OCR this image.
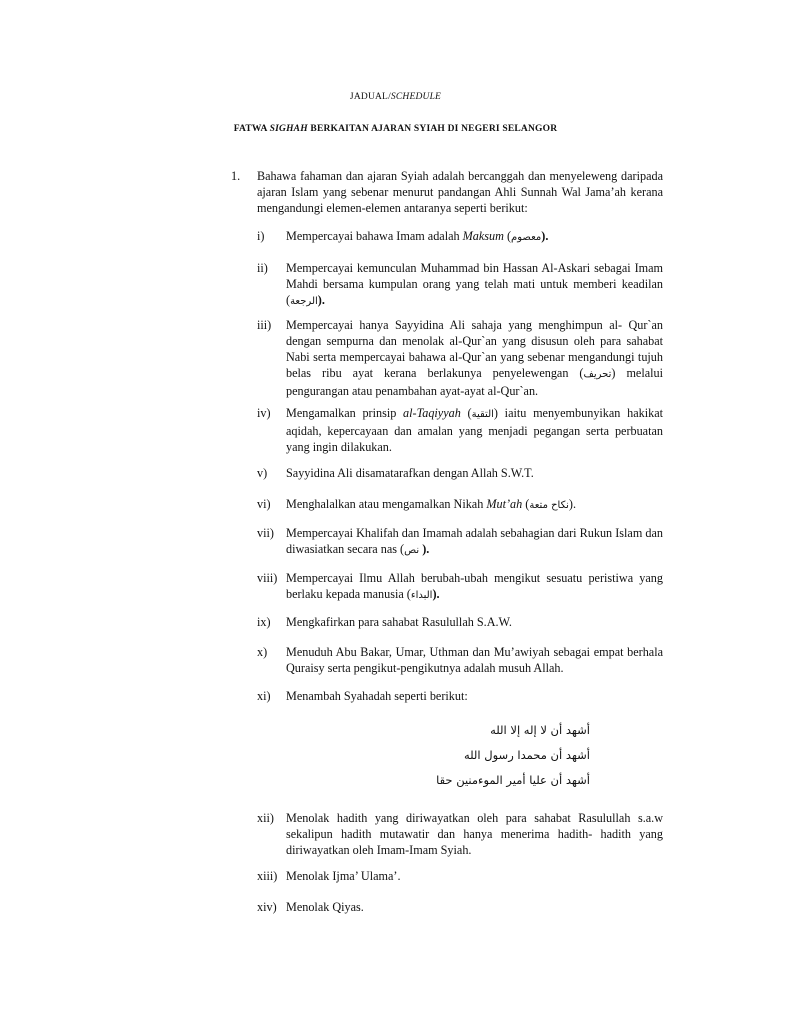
JADUAL/SCHEDULE
FATWA SIGHAH BERKAITAN AJARAN SYIAH DI NEGERI SELANGOR
1. Bahawa fahaman dan ajaran Syiah adalah bercanggah dan menyeleweng daripada ajaran Islam yang sebenar menurut pandangan Ahli Sunnah Wal Jama’ah kerana mengandungi elemen-elemen antaranya seperti berikut:
i) Mempercayai bahawa Imam adalah Maksum (معصوم).
ii) Mempercayai kemunculan Muhammad bin Hassan Al-Askari sebagai Imam Mahdi bersama kumpulan orang yang telah mati untuk memberi keadilan (الرجعة).
iii) Mempercayai hanya Sayyidina Ali sahaja yang menghimpun al- Qur`an dengan sempurna dan menolak al-Qur`an yang disusun oleh para sahabat Nabi serta mempercayai bahawa al-Qur`an yang sebenar mengandungi tujuh belas ribu ayat kerana berlakunya penyelewengan (تحريف) melalui pengurangan atau penambahan ayat-ayat al-Qur`an.
iv) Mengamalkan prinsip al-Taqiyyah (التقية) iaitu menyembunyikan hakikat aqidah, kepercayaan dan amalan yang menjadi pegangan serta perbuatan yang ingin dilakukan.
v) Sayyidina Ali disamatarafkan dengan Allah S.W.T.
vi) Menghalalkan atau mengamalkan Nikah Mut’ah (نكاح متعة).
vii) Mempercayai Khalifah dan Imamah adalah sebahagian dari Rukun Islam dan diwasiatkan secara nas (نص ).
viii) Mempercayai Ilmu Allah berubah-ubah mengikut sesuatu peristiwa yang berlaku kepada manusia (البداء).
ix) Mengkafirkan para sahabat Rasulullah S.A.W.
x) Menuduh Abu Bakar, Umar, Uthman dan Mu’awiyah sebagai empat berhala Quraisy serta pengikut-pengikutnya adalah musuh Allah.
xi) Menambah Syahadah seperti berikut:
أشهد أن لا إله إلا الله
أشهد أن محمدا رسول الله
أشهد أن عليا أمير الموءمنين حقا
xii) Menolak hadith yang diriwayatkan oleh para sahabat Rasulullah s.a.w sekalipun hadith mutawatir dan hanya menerima hadith- hadith yang diriwayatkan oleh Imam-Imam Syiah.
xiii) Menolak Ijma’ Ulama’.
xiv) Menolak Qiyas.
